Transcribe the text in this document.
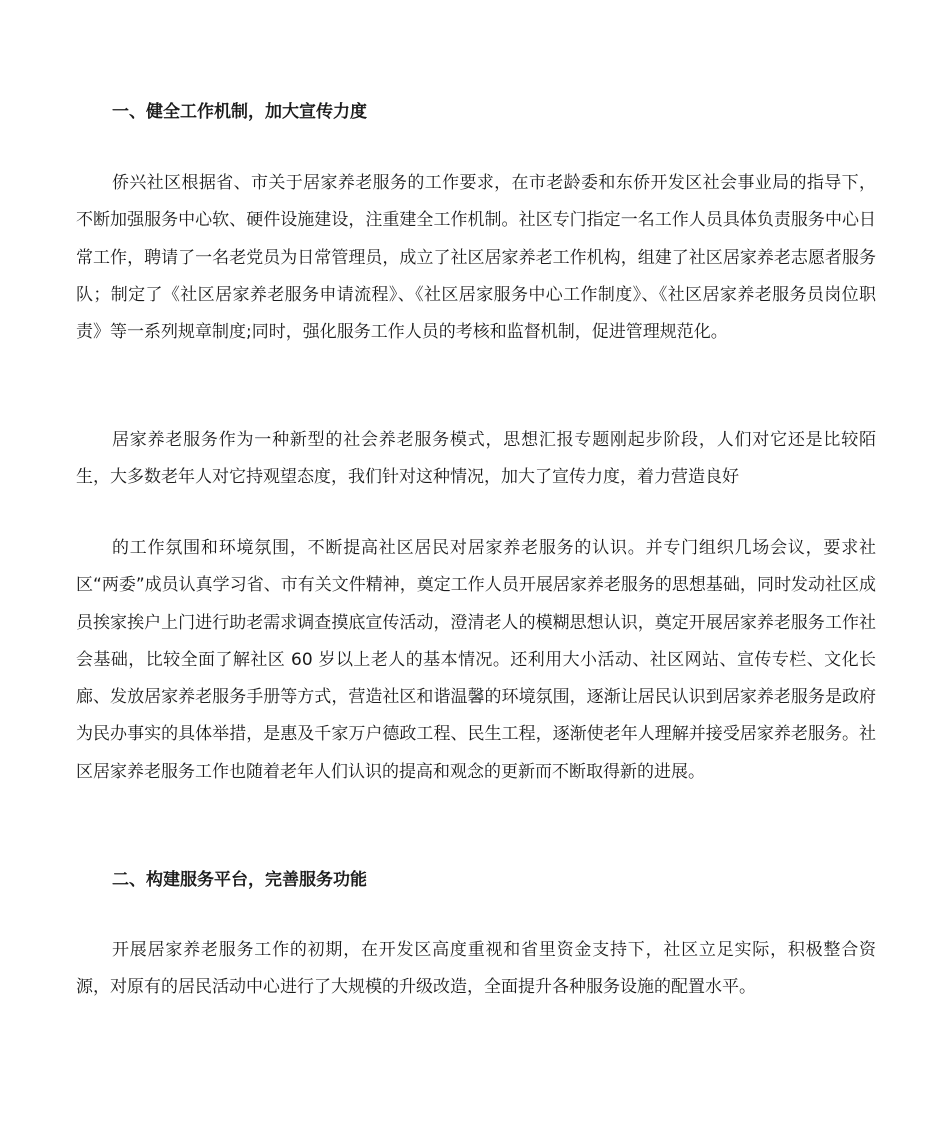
一、健全工作机制，加大宣传力度
侨兴社区根据省、市关于居家养老服务的工作要求，在市老龄委和东侨开发区社会事业局的指导下，不断加强服务中心软、硬件设施建设，注重建全工作机制。社区专门指定一名工作人员具体负责服务中心日常工作，聘请了一名老党员为日常管理员，成立了社区居家养老工作机构，组建了社区居家养老志愿者服务队；制定了《社区居家养老服务申请流程》、《社区居家服务中心工作制度》、《社区居家养老服务员岗位职责》等一系列规章制度;同时，强化服务工作人员的考核和监督机制，促进管理规范化。
居家养老服务作为一种新型的社会养老服务模式，思想汇报专题刚起步阶段，人们对它还是比较陌生，大多数老年人对它持观望态度，我们针对这种情况，加大了宣传力度，着力营造良好
的工作氛围和环境氛围，不断提高社区居民对居家养老服务的认识。并专门组织几场会议，要求社区“两委”成员认真学习省、市有关文件精神，奠定工作人员开展居家养老服务的思想基础，同时发动社区成员挨家挨户上门进行助老需求调查摸底宣传活动，澄清老人的模糊思想认识，奠定开展居家养老服务工作社会基础，比较全面了解社区 60 岁以上老人的基本情况。还利用大小活动、社区网站、宣传专栏、文化长廊、发放居家养老服务手册等方式，营造社区和谐温馨的环境氛围，逐渐让居民认识到居家养老服务是政府为民办事实的具体举措，是惠及千家万户德政工程、民生工程，逐渐使老年人理解并接受居家养老服务。社区居家养老服务工作也随着老年人们认识的提高和观念的更新而不断取得新的进展。
二、构建服务平台，完善服务功能
开展居家养老服务工作的初期，在开发区高度重视和省里资金支持下，社区立足实际，积极整合资源，对原有的居民活动中心进行了大规模的升级改造，全面提升各种服务设施的配置水平。
